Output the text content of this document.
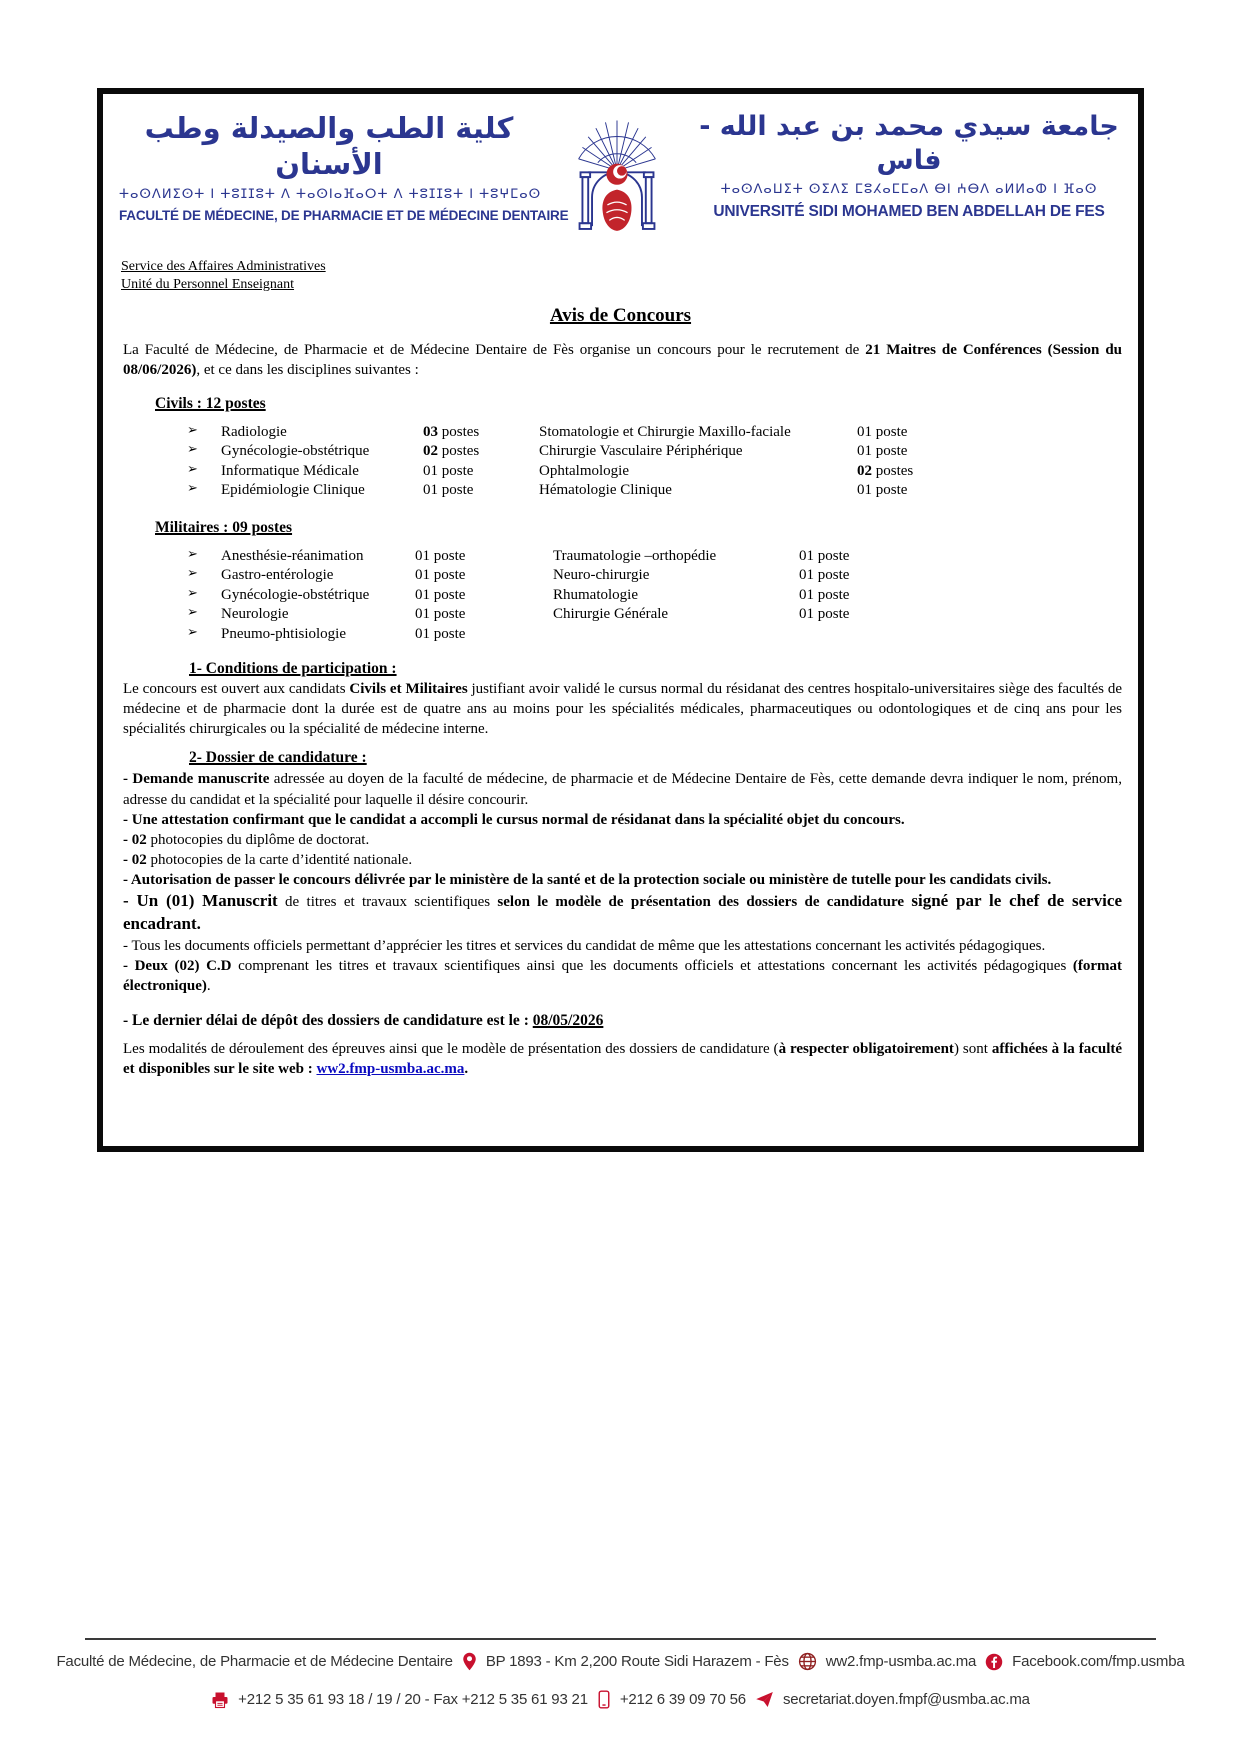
كلية الطب والصيدلة وطب الأسنان
ⵜⴰⵙⴷⵍⵉⵙⵜ ⵏ ⵜⵓⵊⵊⵓⵜ ⴷ ⵜⴰⵙⵏⴰⴼⴰⵔⵜ ⴷ ⵜⵓⵊⵊⵓⵜ ⵏ ⵜⵓⵖⵎⴰⵙ
FACULTÉ DE MÉDECINE, DE PHARMACIE ET DE MÉDECINE DENTAIRE
جامعة سيدي محمد بن عبد الله - فاس
ⵜⴰⵙⴷⴰⵡⵉⵜ ⵙⵉⴷⵉ ⵎⵓⵃⴰⵎⵎⴰⴷ ⴱⵏ ⵄⴱⴷ ⴰⵍⵍⴰⵀ ⵏ ⴼⴰⵙ
UNIVERSITÉ SIDI MOHAMED BEN ABDELLAH DE FES
Service des Affaires Administratives
Unité du Personnel Enseignant
Avis de Concours

La Faculté de Médecine, de Pharmacie et de Médecine Dentaire de Fès organise un concours pour le recrutement de 21 Maitres de Conférences (Session du 08/06/2026), et ce dans les disciplines suivantes :

Civils : 12 postes
➢	Radiologie	03 postes	Stomatologie et Chirurgie Maxillo-faciale	01 poste
➢	Gynécologie-obstétrique	02 postes	Chirurgie Vasculaire Périphérique	01 poste
➢	Informatique Médicale	01 poste	Ophtalmologie	02 postes
➢	Epidémiologie Clinique	01 poste	Hématologie Clinique	01 poste
Militaires : 09 postes
➢	Anesthésie-réanimation	01 poste	Traumatologie –orthopédie	01 poste
➢	Gastro-entérologie	01 poste	Neuro-chirurgie	01 poste
➢	Gynécologie-obstétrique	01 poste	Rhumatologie	01 poste
➢	Neurologie	01 poste	Chirurgie Générale	01 poste
➢	Pneumo-phtisiologie	01 poste
1- Conditions de participation :

Le concours est ouvert aux candidats Civils et Militaires justifiant avoir validé le cursus normal du résidanat des centres hospitalo-universitaires siège des facultés de médecine et de pharmacie dont la durée est de quatre ans au moins pour les spécialités médicales, pharmaceutiques ou odontologiques et de cinq ans pour les spécialités chirurgicales ou la spécialité de médecine interne.

2- Dossier de candidature :

- Demande manuscrite adressée au doyen de la faculté de médecine, de pharmacie et de Médecine Dentaire de Fès, cette demande devra indiquer le nom, prénom, adresse du candidat et la spécialité pour laquelle il désire concourir.

- Une attestation confirmant que le candidat a accompli le cursus normal de résidanat dans la spécialité objet du concours.

- 02 photocopies du diplôme de doctorat.

- 02 photocopies de la carte d’identité nationale.

- Autorisation de passer le concours délivrée par le ministère de la santé et de la protection sociale ou ministère de tutelle pour les candidats civils.

- Un (01) Manuscrit de titres et travaux scientifiques selon le modèle de présentation des dossiers de candidature signé par le chef de service encadrant.

- Tous les documents officiels permettant d’apprécier les titres et services du candidat de même que les attestations concernant les activités pédagogiques.

- Deux (02) C.D comprenant les titres et travaux scientifiques ainsi que les documents officiels et attestations concernant les activités pédagogiques (format électronique).

- Le dernier délai de dépôt des dossiers de candidature est le : 08/05/2026

Les modalités de déroulement des épreuves ainsi que le modèle de présentation des dossiers de candidature (à respecter obligatoirement) sont affichées à la faculté et disponibles sur le site web : ww2.fmp-usmba.ac.ma.

Faculté de Médecine, de Pharmacie et de Médecine Dentaire BP 1893 - Km 2,200 Route Sidi Harazem - Fès ww2.fmp-usmba.ac.ma Facebook.com/fmp.usmba
+212 5 35 61 93 18 / 19 / 20 - Fax +212 5 35 61 93 21 +212 6 39 09 70 56 secretariat.doyen.fmpf@usmba.ac.ma
